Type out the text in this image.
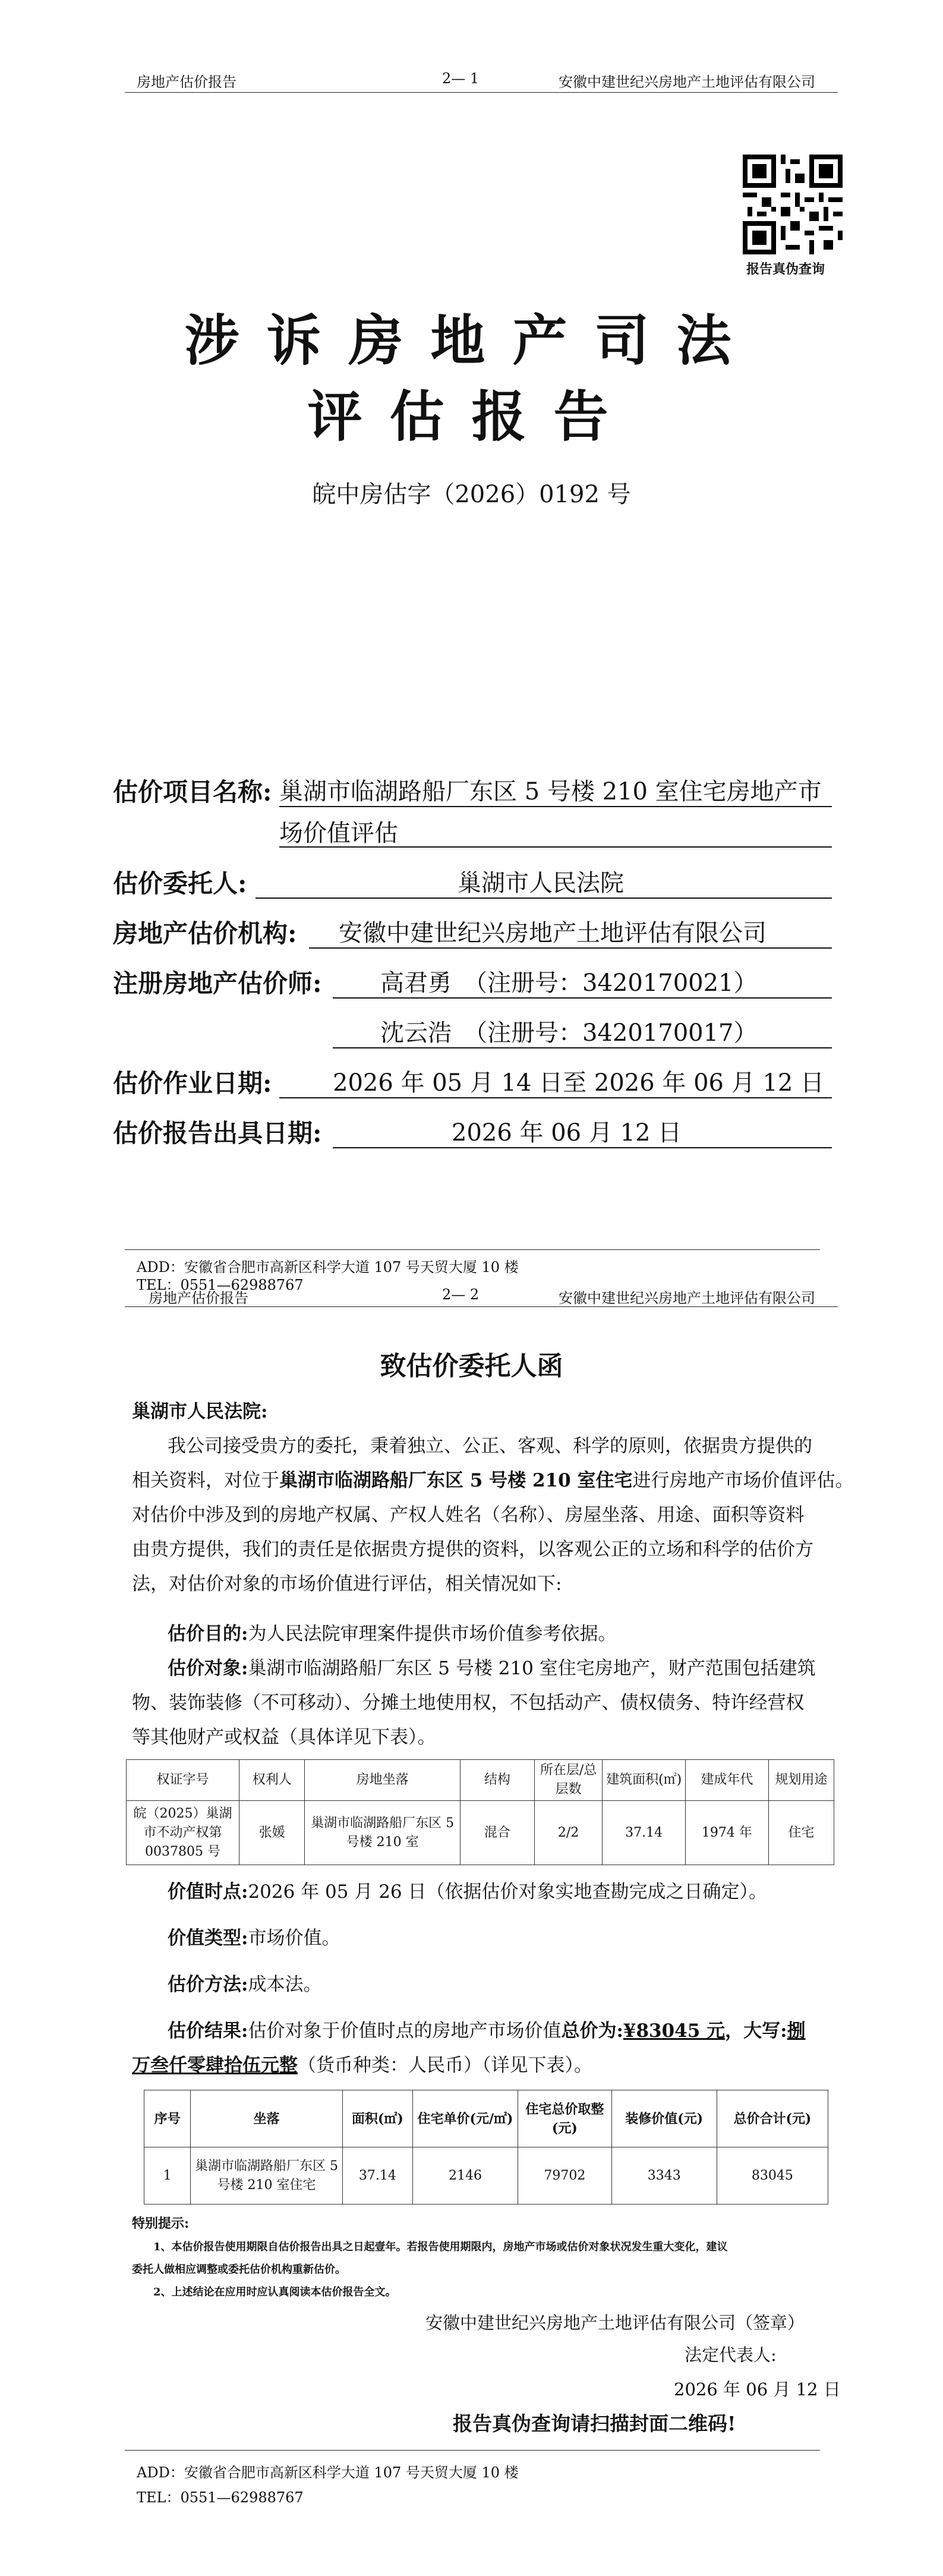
房地产估价报告	2— 1	安徽中建世纪兴房地产土地评估有限公司
报告真伪查询
涉诉房地产司法
评估报告
皖中房估字（2026）0192 号
估价项目名称: 巢湖市临湖路船厂东区 5 号楼 210 室住宅房地产市
场价值评估
估价委托人:	巢湖市人民法院
房地产估价机构: 安徽中建世纪兴房地产土地评估有限公司
注册房地产估价师: 高君勇　（注册号：3420170021）
沈云浩　（注册号：3420170017）
估价作业日期:	2026 年 05 月 14 日至 2026 年 06 月 12 日
估价报告出具日期:	2026 年 06 月 12 日
ADD：安徽省合肥市高新区科学大道 107 号天贸大厦 10 楼
TEL：0551—62988767
房地产估价报告	2— 2	安徽中建世纪兴房地产土地评估有限公司
致估价委托人函
巢湖市人民法院:
我公司接受贵方的委托，秉着独立、公正、客观、科学的原则，依据贵方提供的
相关资料，对位于巢湖市临湖路船厂东区 5 号楼 210 室住宅进行房地产市场价值评估。
对估价中涉及到的房地产权属、产权人姓名（名称）、房屋坐落、用途、面积等资料
由贵方提供，我们的责任是依据贵方提供的资料，以客观公正的立场和科学的估价方
法，对估价对象的市场价值进行评估，相关情况如下:
估价目的:为人民法院审理案件提供市场价值参考依据。
估价对象:巢湖市临湖路船厂东区 5 号楼 210 室住宅房地产，财产范围包括建筑
物、装饰装修（不可移动）、分摊土地使用权，不包括动产、债权债务、特许经营权
等其他财产或权益（具体详见下表）。
权证字号	权利人	房地坐落	结构	所在层/总层数	建筑面积(㎡)	建成年代	规划用途
皖（2025）巢湖市不动产权第 0037805 号	张媛	巢湖市临湖路船厂东区 5 号楼 210 室	混合	2/2	37.14	1974 年	住宅
价值时点:2026 年 05 月 26 日（依据估价对象实地查勘完成之日确定）。
价值类型:市场价值。
估价方法:成本法。
估价结果:估价对象于价值时点的房地产市场价值总价为:¥83045 元，大写:捌
万叁仟零肆拾伍元整（货币种类：人民币）（详见下表）。
序号	坐落	面积(㎡)	住宅单价(元/㎡)	住宅总价取整(元)	装修价值(元)	总价合计(元)
1	巢湖市临湖路船厂东区 5 号楼 210 室住宅	37.14	2146	79702	3343	83045
特别提示:
1、本估价报告使用期限自估价报告出具之日起壹年。若报告使用期限内，房地产市场或估价对象状况发生重大变化，建议
委托人做相应调整或委托估价机构重新估价。
2、上述结论在应用时应认真阅读本估价报告全文。
安徽中建世纪兴房地产土地评估有限公司（签章）
法定代表人:
2026 年 06 月 12 日
报告真伪查询请扫描封面二维码!
ADD：安徽省合肥市高新区科学大道 107 号天贸大厦 10 楼
TEL：0551—62988767
